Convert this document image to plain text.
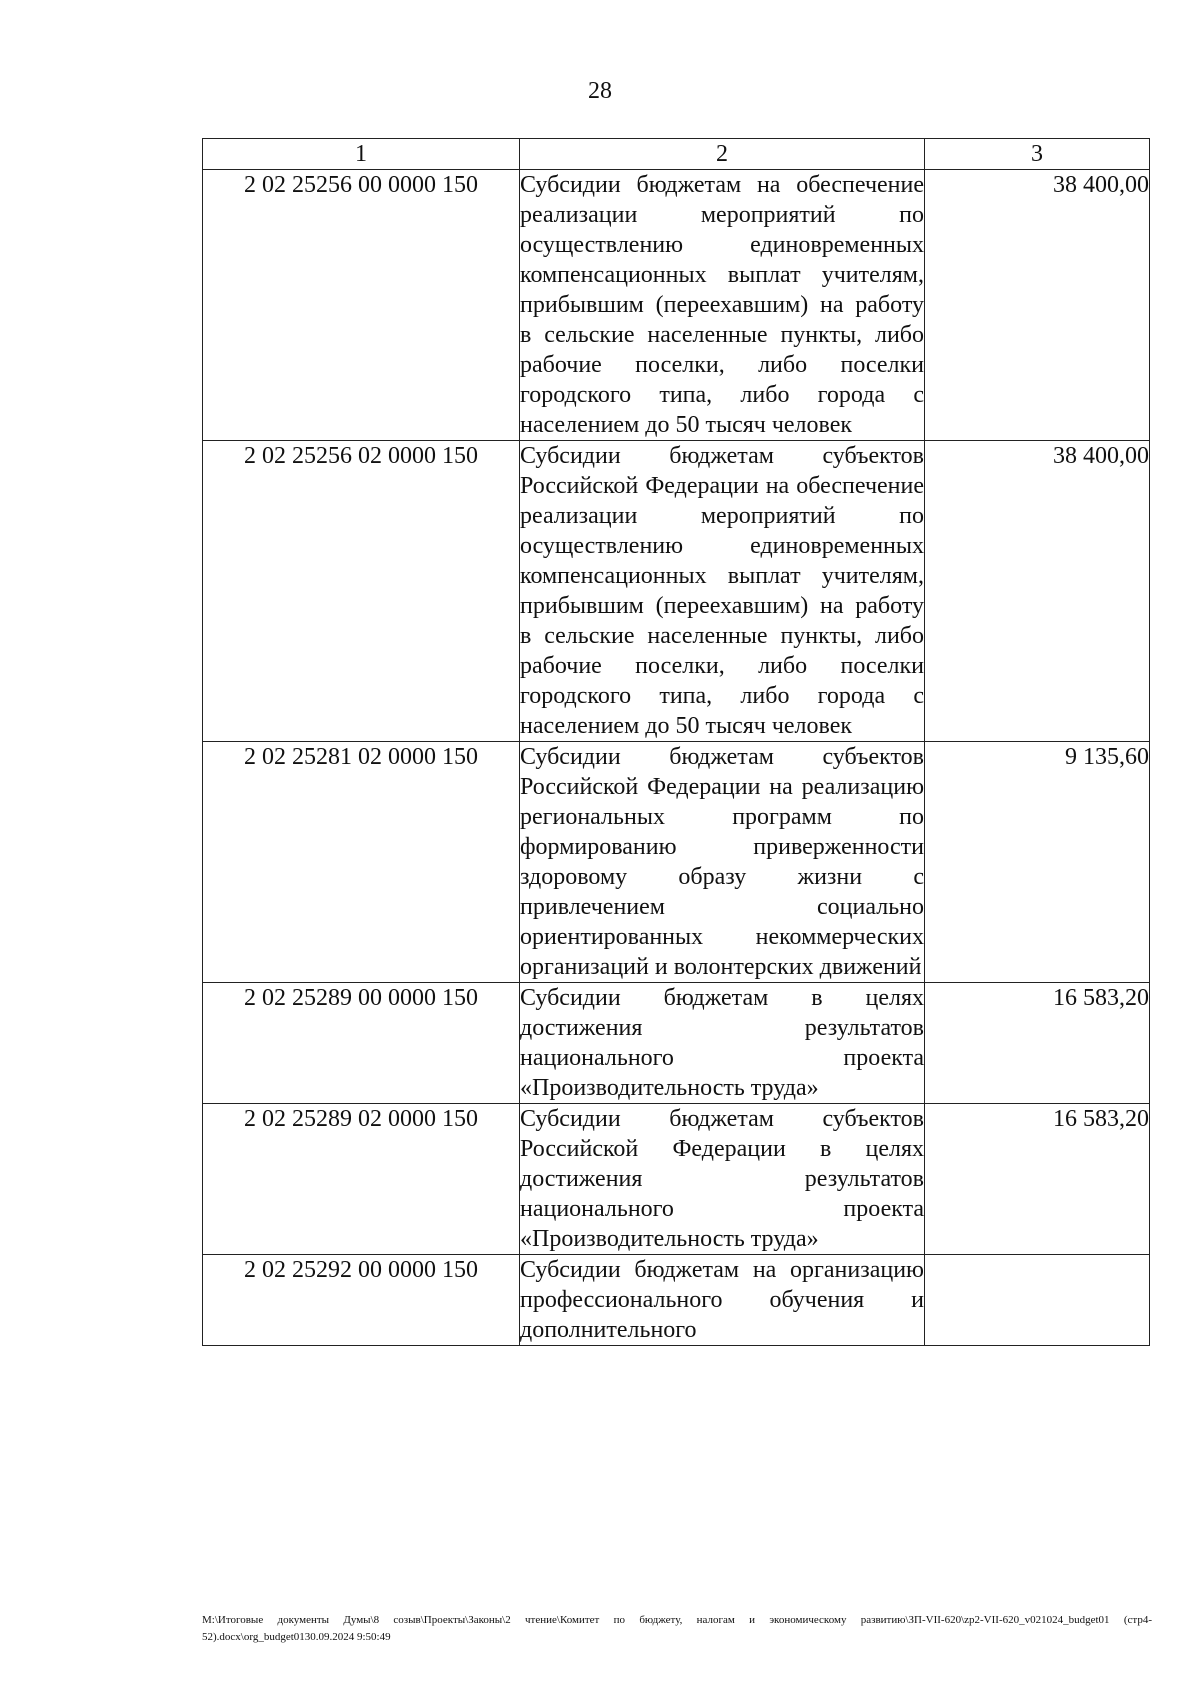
28
1	2	3
2 02 25256 00 0000 150	Субсидии бюджетам на обеспечение реализации мероприятий по осуществлению единовременных компенсационных выплат учителям, прибывшим (переехавшим) на работу в сельские населенные пункты, либо рабочие поселки, либо поселки городского типа, либо города с населением до 50 тысяч человек	38 400,00
2 02 25256 02 0000 150	Субсидии бюджетам субъектов Российской Федерации на обеспечение реализации мероприятий по осуществлению единовременных компенсационных выплат учителям, прибывшим (переехавшим) на работу в сельские населенные пункты, либо рабочие поселки, либо поселки городского типа, либо города с населением до 50 тысяч человек	38 400,00
2 02 25281 02 0000 150	Субсидии бюджетам субъектов Российской Федерации на реализацию региональных программ по формированию приверженности здоровому образу жизни с привлечением социально ориентированных некоммерческих организаций и волонтерских движений	9 135,60
2 02 25289 00 0000 150	Субсидии бюджетам в целях достижения результатов национального проекта «Производительность труда»	16 583,20
2 02 25289 02 0000 150	Субсидии бюджетам субъектов Российской Федерации в целях достижения результатов национального проекта «Производительность труда»	16 583,20
2 02 25292 00 0000 150	Субсидии бюджетам на организацию профессионального обучения и дополнительного	

М:\Итоговые документы Думы\8 созыв\Проекты\Законы\2 чтение\Комитет по бюджету, налогам и экономическому развитию\ЗП-VII-620\zp2-VII-620_v021024_budget01 (стр4-52).docx\org_budget0130.09.2024 9:50:49
